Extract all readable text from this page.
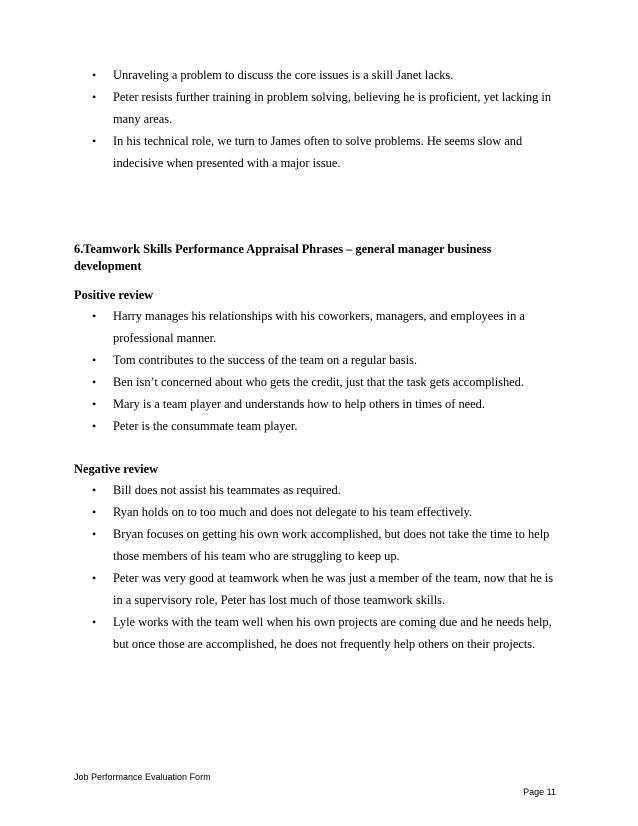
• Unraveling a problem to discuss the core issues is a skill Janet lacks.
• Peter resists further training in problem solving, believing he is proficient, yet lacking in many areas.
• In his technical role, we turn to James often to solve problems. He seems slow and indecisive when presented with a major issue.
6.Teamwork Skills Performance Appraisal Phrases – general manager business development
Positive review
• Harry manages his relationships with his coworkers, managers, and employees in a professional manner.
• Tom contributes to the success of the team on a regular basis.
• Ben isn’t concerned about who gets the credit, just that the task gets accomplished.
• Mary is a team player and understands how to help others in times of need.
• Peter is the consummate team player.
Negative review
• Bill does not assist his teammates as required.
• Ryan holds on to too much and does not delegate to his team effectively.
• Bryan focuses on getting his own work accomplished, but does not take the time to help those members of his team who are struggling to keep up.
• Peter was very good at teamwork when he was just a member of the team, now that he is in a supervisory role, Peter has lost much of those teamwork skills.
• Lyle works with the team well when his own projects are coming due and he needs help, but once those are accomplished, he does not frequently help others on their projects.
Job Performance Evaluation Form
Page 11
